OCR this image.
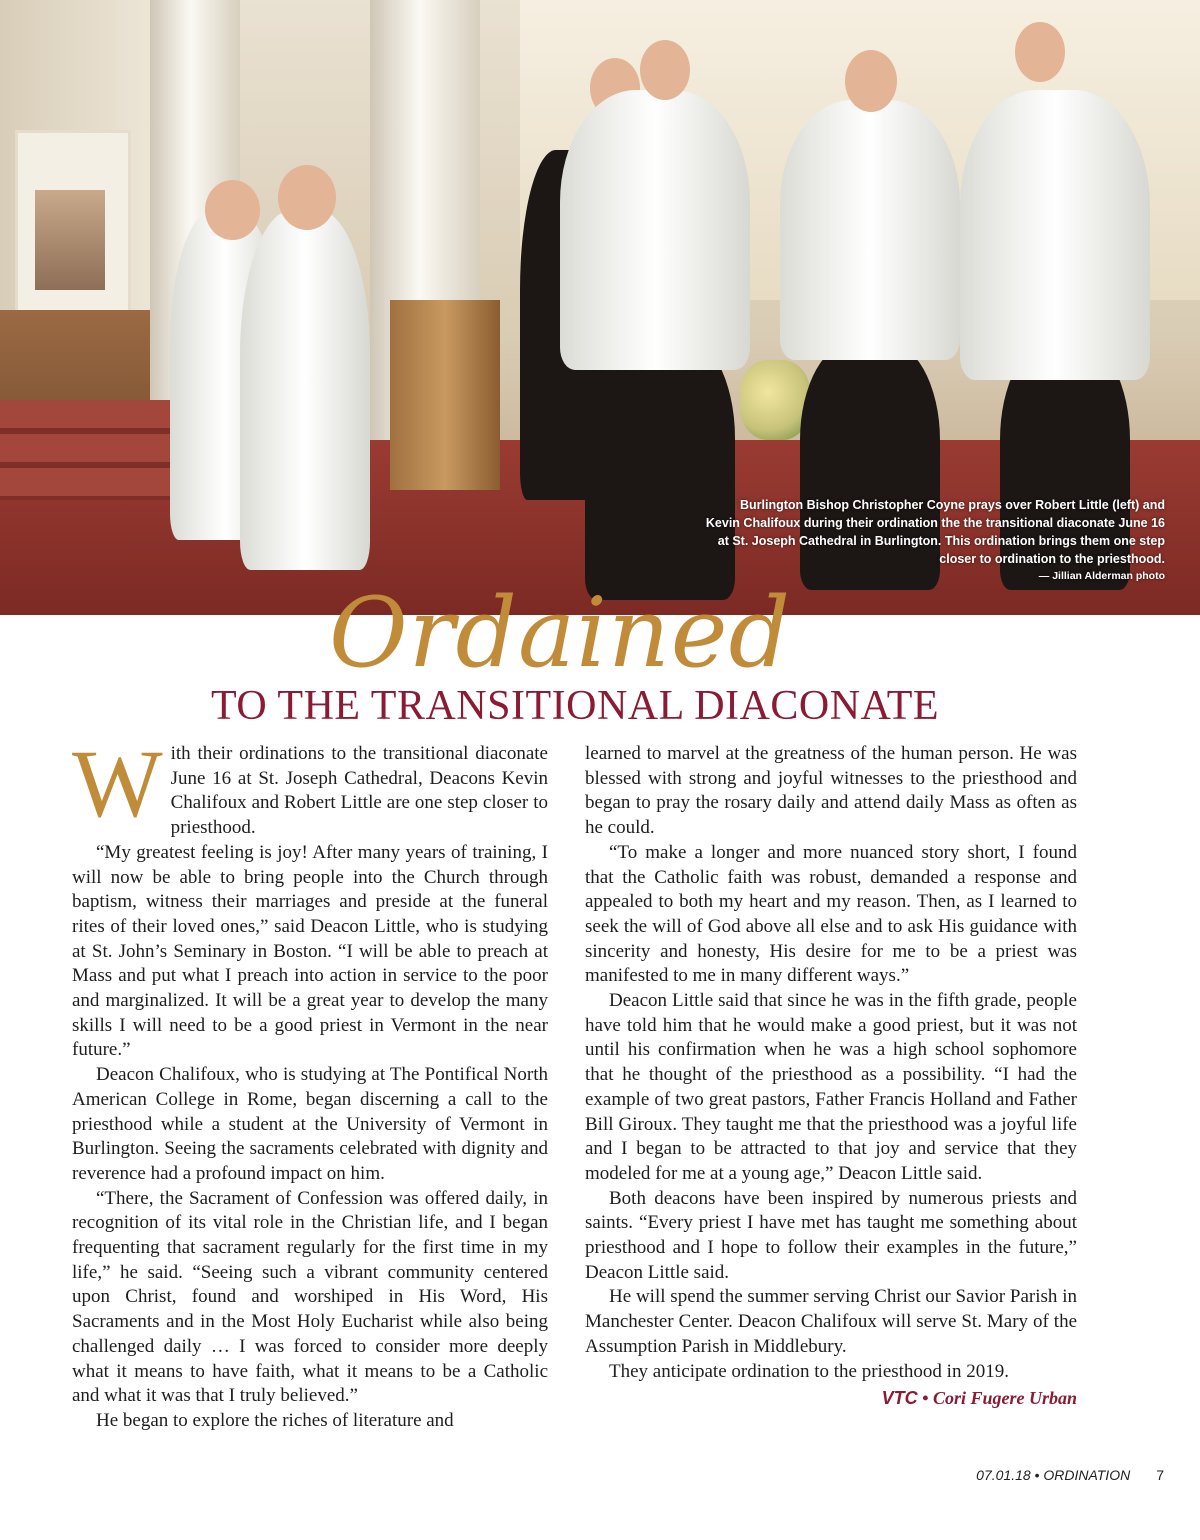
Burlington Bishop Christopher Coyne prays over Robert Little (left) and Kevin Chalifoux during their ordination the the transitional diaconate June 16 at St. Joseph Cathedral in Burlington. This ordination brings them one step closer to ordination to the priesthood.
— Jillian Alderman photo
Ordained
TO THE TRANSITIONAL DIACONATE

With their ordinations to the transitional diaconate June 16 at St. Joseph Cathedral, Deacons Kevin Chalifoux and Robert Little are one step closer to priesthood.

“My greatest feeling is joy! After many years of training, I will now be able to bring people into the Church through baptism, witness their marriages and preside at the funeral rites of their loved ones,” said Deacon Little, who is studying at St. John’s Seminary in Boston. “I will be able to preach at Mass and put what I preach into action in service to the poor and marginalized. It will be a great year to develop the many skills I will need to be a good priest in Vermont in the near future.”

Deacon Chalifoux, who is studying at The Pontifical North American College in Rome, began discerning a call to the priesthood while a student at the University of Vermont in Burlington. Seeing the sacraments celebrated with dignity and reverence had a profound impact on him.

“There, the Sacrament of Confession was offered daily, in recognition of its vital role in the Christian life, and I began frequenting that sacrament regularly for the first time in my life,” he said. “Seeing such a vibrant community centered upon Christ, found and worshiped in His Word, His Sacraments and in the Most Holy Eucharist while also being challenged daily … I was forced to consider more deeply what it means to have faith, what it means to be a Catholic and what it was that I truly believed.”

He began to explore the riches of literature and

learned to marvel at the greatness of the human person. He was blessed with strong and joyful witnesses to the priesthood and began to pray the rosary daily and attend daily Mass as often as he could.

“To make a longer and more nuanced story short, I found that the Catholic faith was robust, demanded a response and appealed to both my heart and my reason. Then, as I learned to seek the will of God above all else and to ask His guidance with sincerity and honesty, His desire for me to be a priest was manifested to me in many different ways.”

Deacon Little said that since he was in the fifth grade, people have told him that he would make a good priest, but it was not until his confirmation when he was a high school sophomore that he thought of the priesthood as a possibility. “I had the example of two great pastors, Father Francis Holland and Father Bill Giroux. They taught me that the priesthood was a joyful life and I began to be attracted to that joy and service that they modeled for me at a young age,” Deacon Little said.

Both deacons have been inspired by numerous priests and saints. “Every priest I have met has taught me something about priesthood and I hope to follow their examples in the future,” Deacon Little said.

He will spend the summer serving Christ our Savior Parish in Manchester Center. Deacon Chalifoux will serve St. Mary of the Assumption Parish in Middlebury.

They anticipate ordination to the priesthood in 2019.

VTC • Cori Fugere Urban
07.01.18 • ORDINATION 7
